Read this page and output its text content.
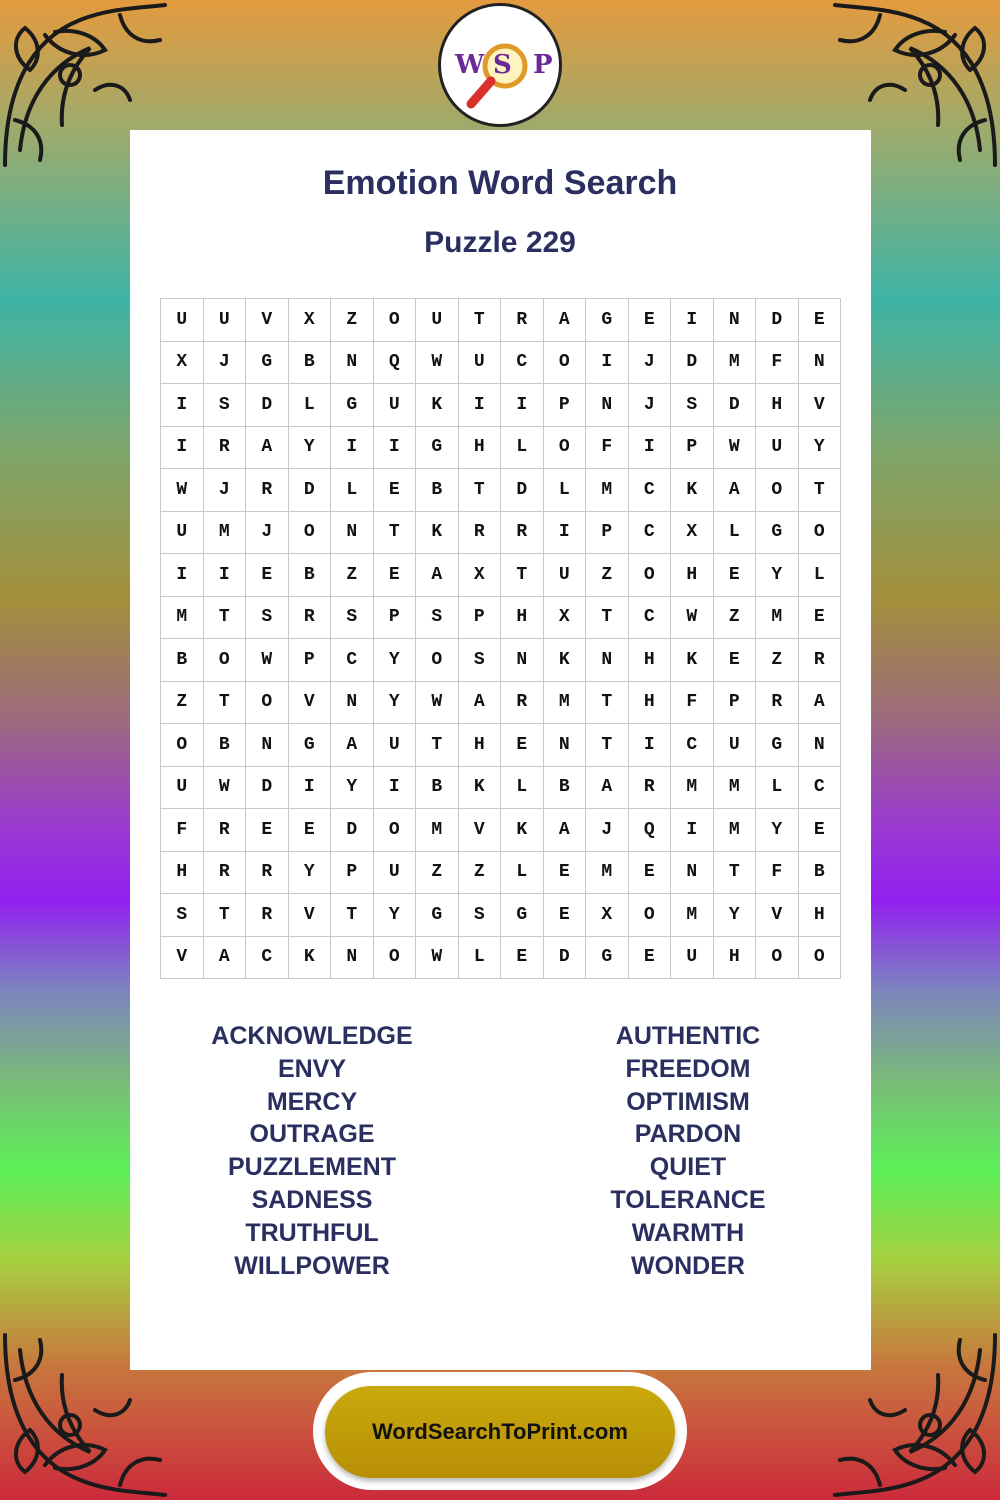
W S P
Emotion Word Search
Puzzle 229
U	U	V	X	Z	O	U	T	R	A	G	E	I	N	D	E
X	J	G	B	N	Q	W	U	C	O	I	J	D	M	F	N
I	S	D	L	G	U	K	I	I	P	N	J	S	D	H	V
I	R	A	Y	I	I	G	H	L	O	F	I	P	W	U	Y
W	J	R	D	L	E	B	T	D	L	M	C	K	A	O	T
U	M	J	O	N	T	K	R	R	I	P	C	X	L	G	O
I	I	E	B	Z	E	A	X	T	U	Z	O	H	E	Y	L
M	T	S	R	S	P	S	P	H	X	T	C	W	Z	M	E
B	O	W	P	C	Y	O	S	N	K	N	H	K	E	Z	R
Z	T	O	V	N	Y	W	A	R	M	T	H	F	P	R	A
O	B	N	G	A	U	T	H	E	N	T	I	C	U	G	N
U	W	D	I	Y	I	B	K	L	B	A	R	M	M	L	C
F	R	E	E	D	O	M	V	K	A	J	Q	I	M	Y	E
H	R	R	Y	P	U	Z	Z	L	E	M	E	N	T	F	B
S	T	R	V	T	Y	G	S	G	E	X	O	M	Y	V	H
V	A	C	K	N	O	W	L	E	D	G	E	U	H	O	O
ACKNOWLEDGE
ENVY
MERCY
OUTRAGE
PUZZLEMENT
SADNESS
TRUTHFUL
WILLPOWER
AUTHENTIC
FREEDOM
OPTIMISM
PARDON
QUIET
TOLERANCE
WARMTH
WONDER
WordSearchToPrint.com
